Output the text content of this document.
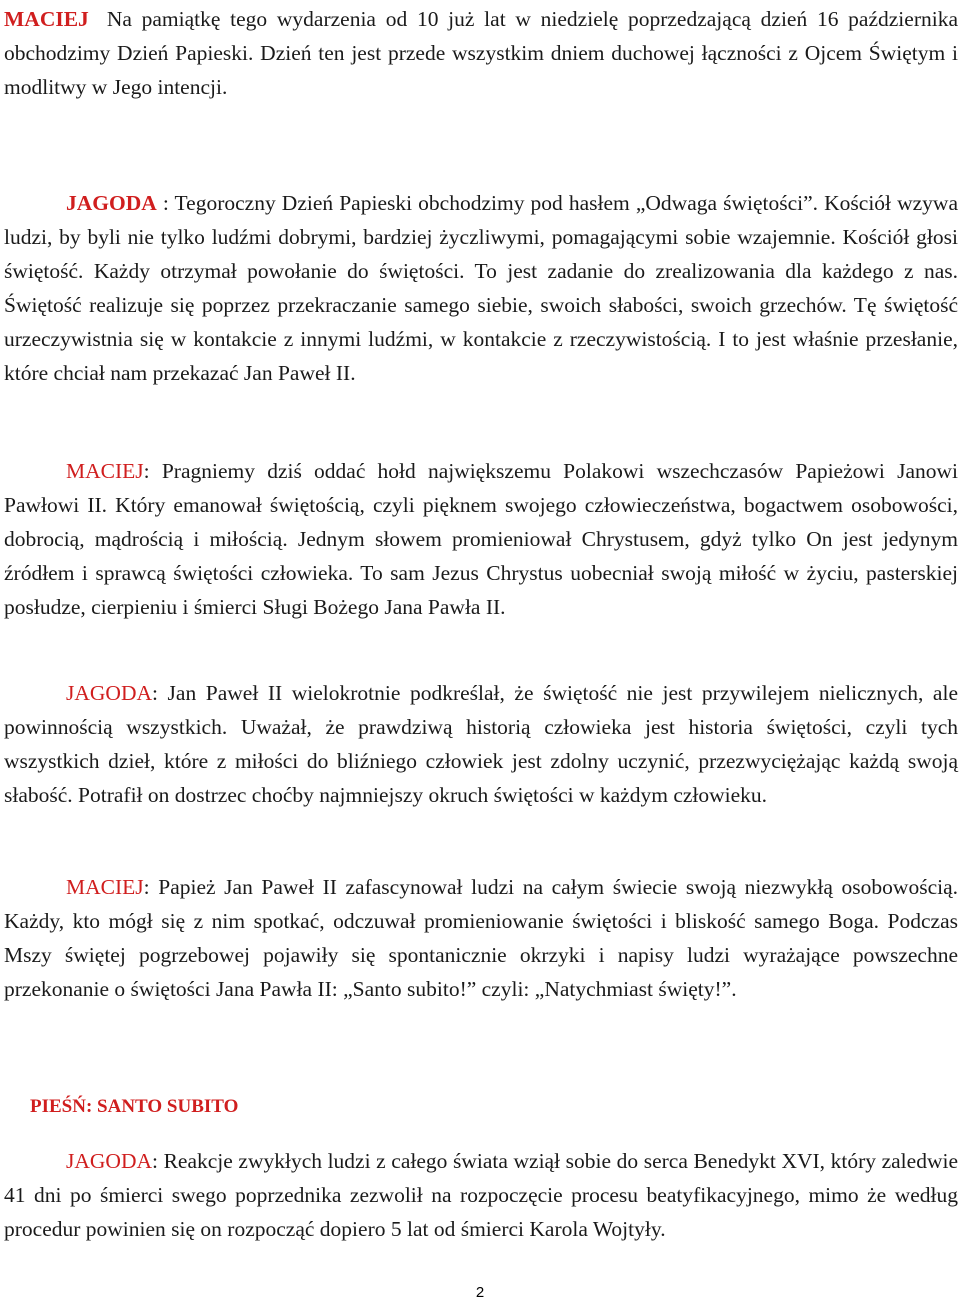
MACIEJ Na pamiątkę tego wydarzenia od 10 już lat w niedzielę poprzedzającą dzień 16 października obchodzimy Dzień Papieski. Dzień ten jest przede wszystkim dniem duchowej łączności z Ojcem Świętym i modlitwy w Jego intencji.

JAGODA : Tegoroczny Dzień Papieski obchodzimy pod hasłem „Odwaga świętości”. Kościół wzywa ludzi, by byli nie tylko ludźmi dobrymi, bardziej życzliwymi, pomagającymi sobie wzajemnie. Kościół głosi świętość. Każdy otrzymał powołanie do świętości. To jest zadanie do zrealizowania dla każdego z nas. Świętość realizuje się poprzez przekraczanie samego siebie, swoich słabości, swoich grzechów. Tę świętość urzeczywistnia się w kontakcie z innymi ludźmi, w kontakcie z rzeczywistością. I to jest właśnie przesłanie, które chciał nam przekazać Jan Paweł II.

MACIEJ: Pragniemy dziś oddać hołd największemu Polakowi wszechczasów Papieżowi Janowi Pawłowi II. Który emanował świętością, czyli pięknem swojego człowieczeństwa, bogactwem osobowości, dobrocią, mądrością i miłością. Jednym słowem promieniował Chrystusem, gdyż tylko On jest jedynym źródłem i sprawcą świętości człowieka. To sam Jezus Chrystus uobecniał swoją miłość w życiu, pasterskiej posłudze, cierpieniu i śmierci Sługi Bożego Jana Pawła II.

JAGODA: Jan Paweł II wielokrotnie podkreślał, że świętość nie jest przywilejem nielicznych, ale powinnością wszystkich. Uważał, że prawdziwą historią człowieka jest historia świętości, czyli tych wszystkich dzieł, które z miłości do bliźniego człowiek jest zdolny uczynić, przezwyciężając każdą swoją słabość. Potrafił on dostrzec choćby najmniejszy okruch świętości w każdym człowieku.

MACIEJ: Papież Jan Paweł II zafascynował ludzi na całym świecie swoją niezwykłą osobowością. Każdy, kto mógł się z nim spotkać, odczuwał promieniowanie świętości i bliskość samego Boga. Podczas Mszy świętej pogrzebowej pojawiły się spontanicznie okrzyki i napisy ludzi wyrażające powszechne przekonanie o świętości Jana Pawła II: „Santo subito!” czyli: „Natychmiast święty!”.

PIEŚŃ: SANTO SUBITO

JAGODA: Reakcje zwykłych ludzi z całego świata wziął sobie do serca Benedykt XVI, który zaledwie 41 dni po śmierci swego poprzednika zezwolił na rozpoczęcie procesu beatyfikacyjnego, mimo że według procedur powinien się on rozpocząć dopiero 5 lat od śmierci Karola Wojtyły.

2
